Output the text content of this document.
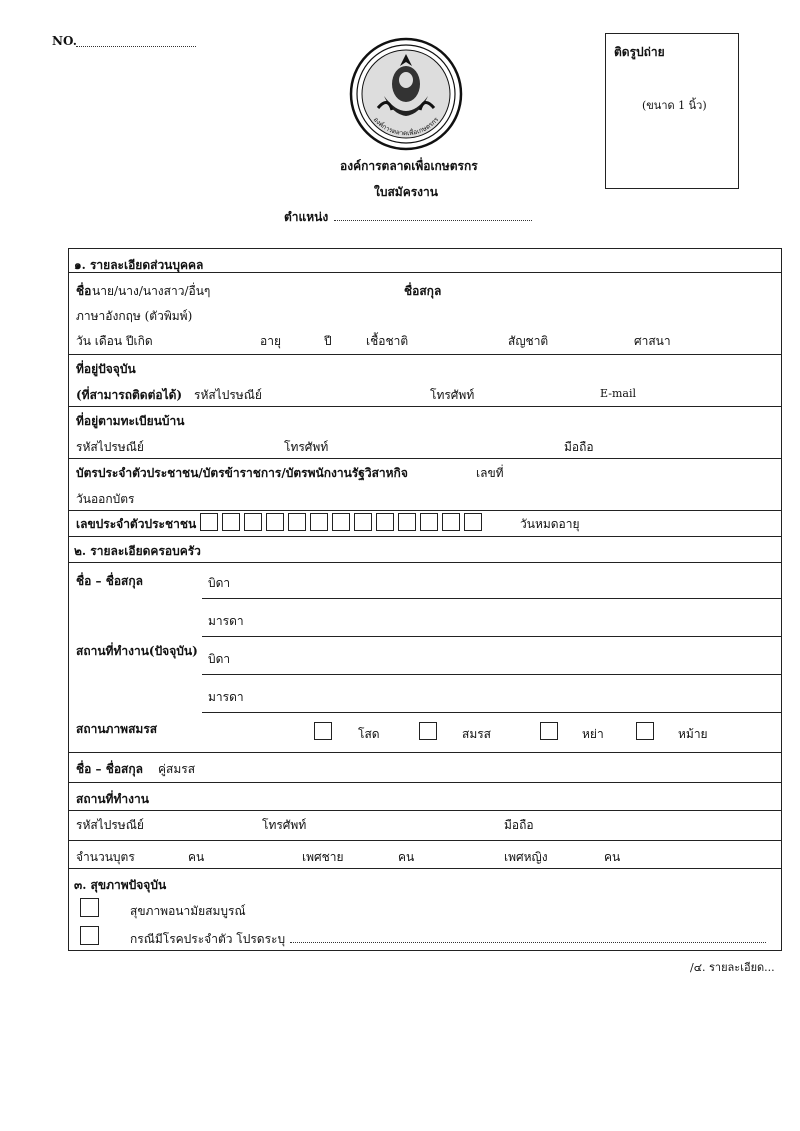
NO.
องค์การตลาดเพื่อเกษตรกร
องค์การตลาดเพื่อเกษตรกร
ใบสมัครงาน
ตำแหน่ง
ติดรูปถ่าย
(ขนาด 1 นิ้ว)
๑. รายละเอียดส่วนบุคคล
ชื่อ นาย/นาง/นางสาว/อื่นๆ	ชื่อสกุล
ภาษาอังกฤษ (ตัวพิมพ์)
วัน เดือน ปีเกิด	อายุ	ปี	เชื้อชาติ	สัญชาติ	ศาสนา
ที่อยู่ปัจจุบัน
(ที่สามารถติดต่อได้) รหัสไปรษณีย์	โทรศัพท์	E-mail
ที่อยู่ตามทะเบียนบ้าน
รหัสไปรษณีย์	โทรศัพท์	มือถือ
บัตรประจำตัวประชาชน/บัตรข้าราชการ/บัตรพนักงานรัฐวิสาหกิจ	เลขที่
วันออกบัตร
เลขประจำตัวประชาชน	วันหมดอายุ
๒. รายละเอียดครอบครัว
ชื่อ – ชื่อสกุล	บิดา
มารดา
สถานที่ทำงาน(ปัจจุบัน)
บิดา
มารดา
สถานภาพสมรส	โสด	สมรส	หย่า	หม้าย
ชื่อ – ชื่อสกุล คู่สมรส
สถานที่ทำงาน
รหัสไปรษณีย์	โทรศัพท์	มือถือ
จำนวนบุตร	คน	เพศชาย	คน	เพศหญิง	คน
๓. สุขภาพปัจจุบัน
สุขภาพอนามัยสมบูรณ์
กรณีมีโรคประจำตัว โปรดระบุ
/๔. รายละเอียด...
